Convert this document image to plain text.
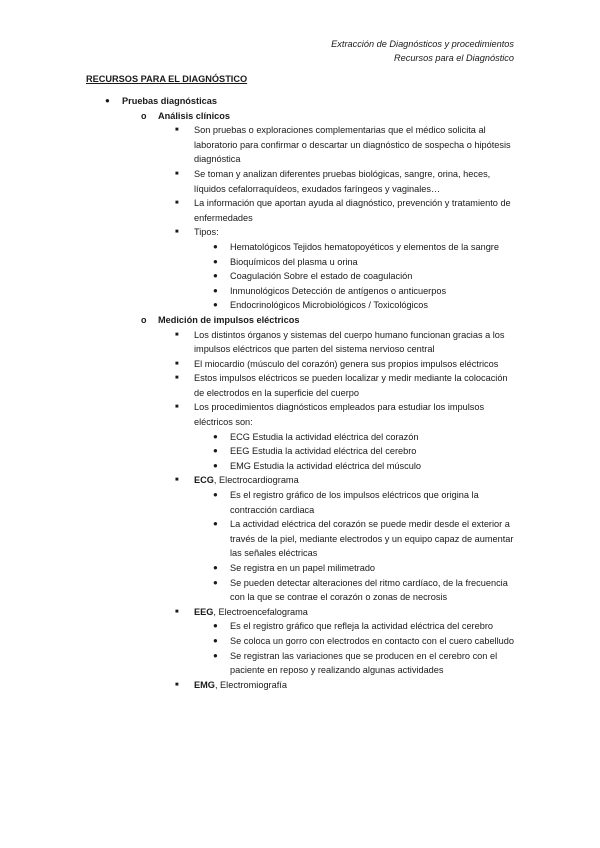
Extracción de Diagnósticos y procedimientos
Recursos para el Diagnóstico
RECURSOS PARA EL DIAGNÓSTICO
● Pruebas diagnósticas
o Análisis clínicos
■ Son pruebas o exploraciones complementarias que el médico solicita al laboratorio para confirmar o descartar un diagnóstico de sospecha o hipótesis diagnóstica
■ Se toman y analizan diferentes pruebas biológicas, sangre, orina, heces, líquidos cefalorraquídeos, exudados faríngeos y vaginales…
■ La información que aportan ayuda al diagnóstico, prevención y tratamiento de enfermedades
■ Tipos:
● Hematológicos Tejidos hematopoyéticos y elementos de la sangre
● Bioquímicos del plasma u orina
● Coagulación Sobre el estado de coagulación
● Inmunológicos Detección de antígenos o anticuerpos
● Endocrinológicos Microbiológicos / Toxicológicos
o Medición de impulsos eléctricos
■ Los distintos órganos y sistemas del cuerpo humano funcionan gracias a los impulsos eléctricos que parten del sistema nervioso central
■ El miocardio (músculo del corazón) genera sus propios impulsos eléctricos
■ Estos impulsos eléctricos se pueden localizar y medir mediante la colocación de electrodos en la superficie del cuerpo
■ Los procedimientos diagnósticos empleados para estudiar los impulsos eléctricos son:
● ECG Estudia la actividad eléctrica del corazón
● EEG Estudia la actividad eléctrica del cerebro
● EMG Estudia la actividad eléctrica del músculo
■ ECG, Electrocardiograma
● Es el registro gráfico de los impulsos eléctricos que origina la contracción cardiaca
● La actividad eléctrica del corazón se puede medir desde el exterior a través de la piel, mediante electrodos y un equipo capaz de aumentar las señales eléctricas
● Se registra en un papel milimetrado
● Se pueden detectar alteraciones del ritmo cardíaco, de la frecuencia con la que se contrae el corazón o zonas de necrosis
■ EEG, Electroencefalograma
● Es el registro gráfico que refleja la actividad eléctrica del cerebro
● Se coloca un gorro con electrodos en contacto con el cuero cabelludo
● Se registran las variaciones que se producen en el cerebro con el paciente en reposo y realizando algunas actividades
■ EMG, Electromiografía
